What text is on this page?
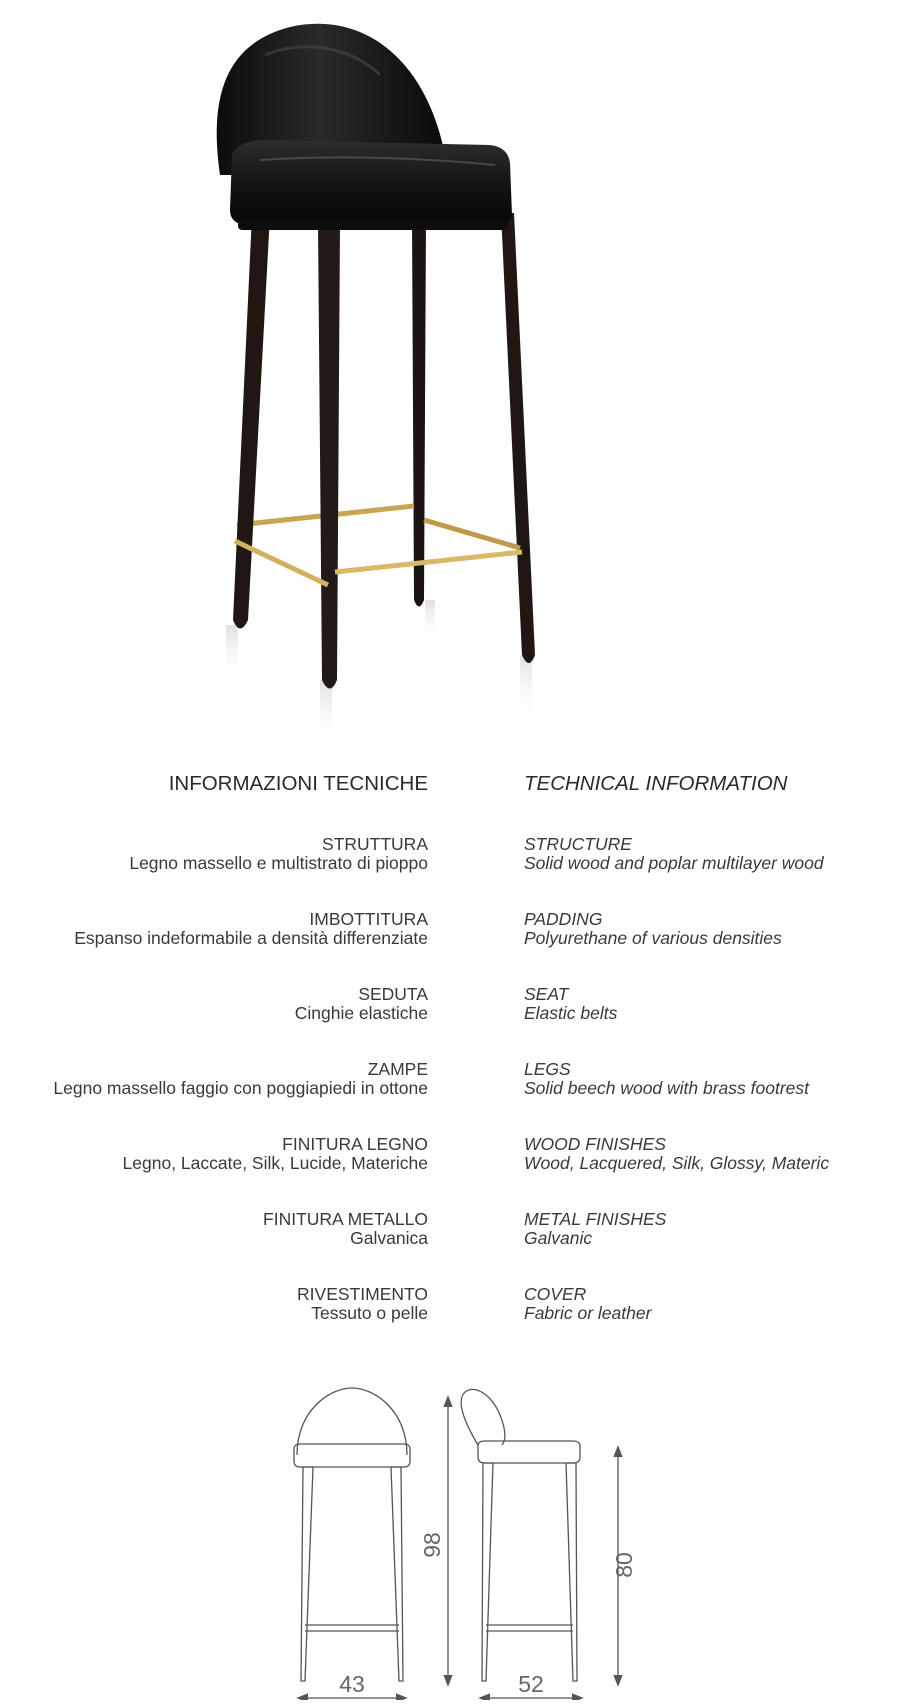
INFORMAZIONI TECNICHE
STRUTTURA
Legno massello e multistrato di pioppo
IMBOTTITURA
Espanso indeformabile a densità differenziate
SEDUTA
Cinghie elastiche
ZAMPE
Legno massello faggio con poggiapiedi in ottone
FINITURA LEGNO
Legno, Laccate, Silk, Lucide, Materiche
FINITURA METALLO
Galvanica
RIVESTIMENTO
Tessuto o pelle
TECHNICAL INFORMATION
STRUCTURE
Solid wood and poplar multilayer wood
PADDING
Polyurethane of various densities
SEAT
Elastic belts
LEGS
Solid beech wood with brass footrest
WOOD FINISHES
Wood, Lacquered, Silk, Glossy, Materic
METAL FINISHES
Galvanic
COVER
Fabric or leather
98
80
43	52
